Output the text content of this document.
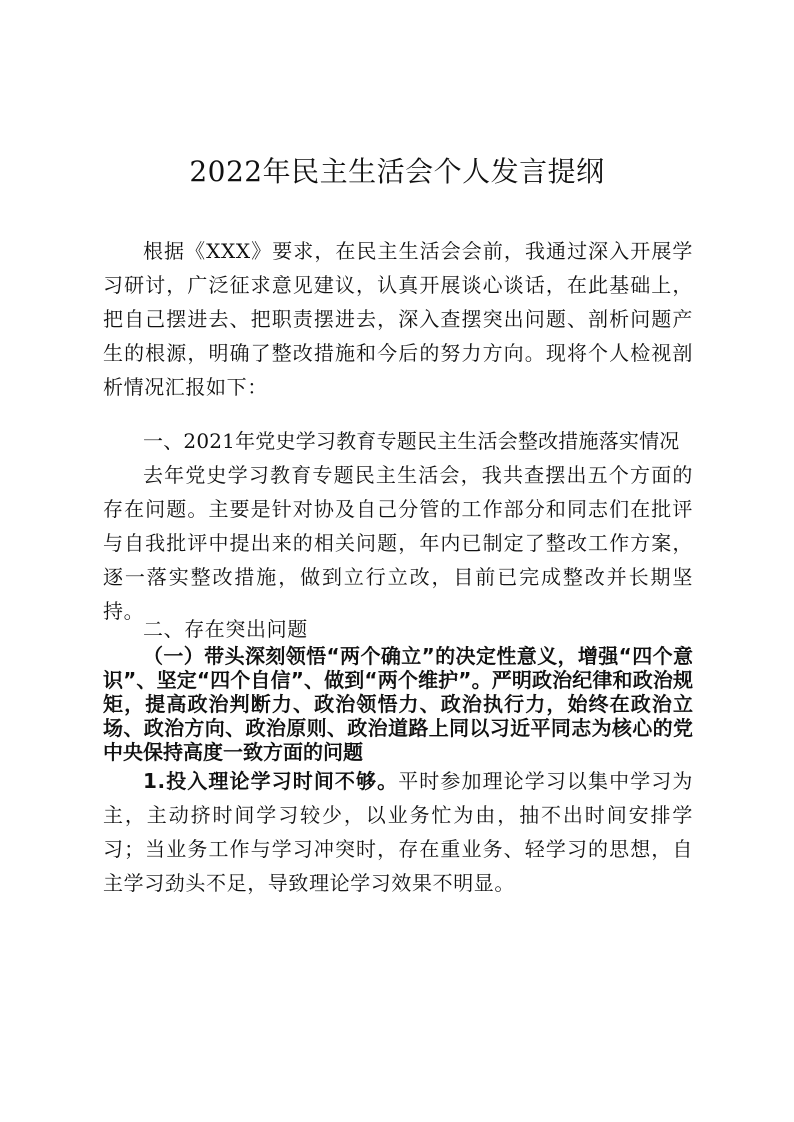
2022年民主生活会个人发言提纲

根据《XXX》要求，在民主生活会会前，我通过深入开展学习研讨，广泛征求意见建议，认真开展谈心谈话，在此基础上，把自己摆进去、把职责摆进去，深入查摆突出问题、剖析问题产生的根源，明确了整改措施和今后的努力方向。现将个人检视剖析情况汇报如下：

一、2021年党史学习教育专题民主生活会整改措施落实情况

去年党史学习教育专题民主生活会，我共查摆出五个方面的存在问题。主要是针对协及自己分管的工作部分和同志们在批评与自我批评中提出来的相关问题，年内已制定了整改工作方案， 逐一落实整改措施，做到立行立改，目前已完成整改并长期坚持。

二、存在突出问题

（一）带头深刻领悟“两个确立”的决定性意义，增强“四个意识”、坚定“四个自信”、做到“两个维护”。严明政治纪律和政治规矩，提高政治判断力、政治领悟力、政治执行力，始终在政治立场、政治方向、政治原则、政治道路上同以习近平同志为核心的党中央保持高度一致方面的问题

1.投入理论学习时间不够。平时参加理论学习以集中学习为主，主动挤时间学习较少，以业务忙为由，抽不出时间安排学习；当业务工作与学习冲突时，存在重业务、轻学习的思想，自主学习劲头不足，导致理论学习效果不明显。
